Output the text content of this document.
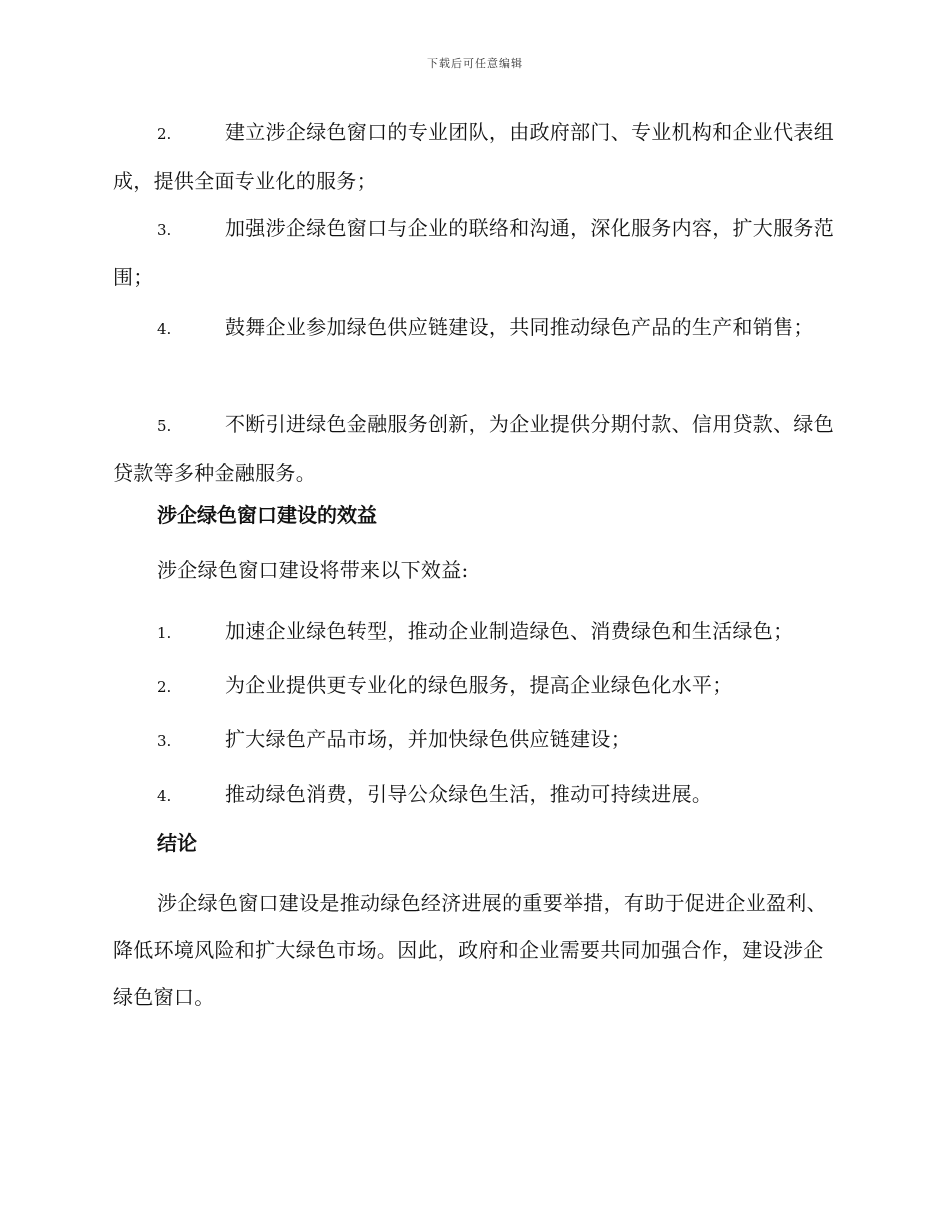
下载后可任意编辑
2.	建立涉企绿色窗口的专业团队，由政府部门、专业机构和企业代表组成，提供全面专业化的服务；
3.	加强涉企绿色窗口与企业的联络和沟通，深化服务内容，扩大服务范围；
4.	鼓舞企业参加绿色供应链建设，共同推动绿色产品的生产和销售；
5.	不断引进绿色金融服务创新，为企业提供分期付款、信用贷款、绿色贷款等多种金融服务。
涉企绿色窗口建设的效益
涉企绿色窗口建设将带来以下效益:
1.	加速企业绿色转型，推动企业制造绿色、消费绿色和生活绿色；
2.	为企业提供更专业化的绿色服务，提高企业绿色化水平；
3.	扩大绿色产品市场，并加快绿色供应链建设；
4.	推动绿色消费，引导公众绿色生活，推动可持续进展。
结论
涉企绿色窗口建设是推动绿色经济进展的重要举措，有助于促进企业盈利、降低环境风险和扩大绿色市场。因此，政府和企业需要共同加强合作，建设涉企绿色窗口。
